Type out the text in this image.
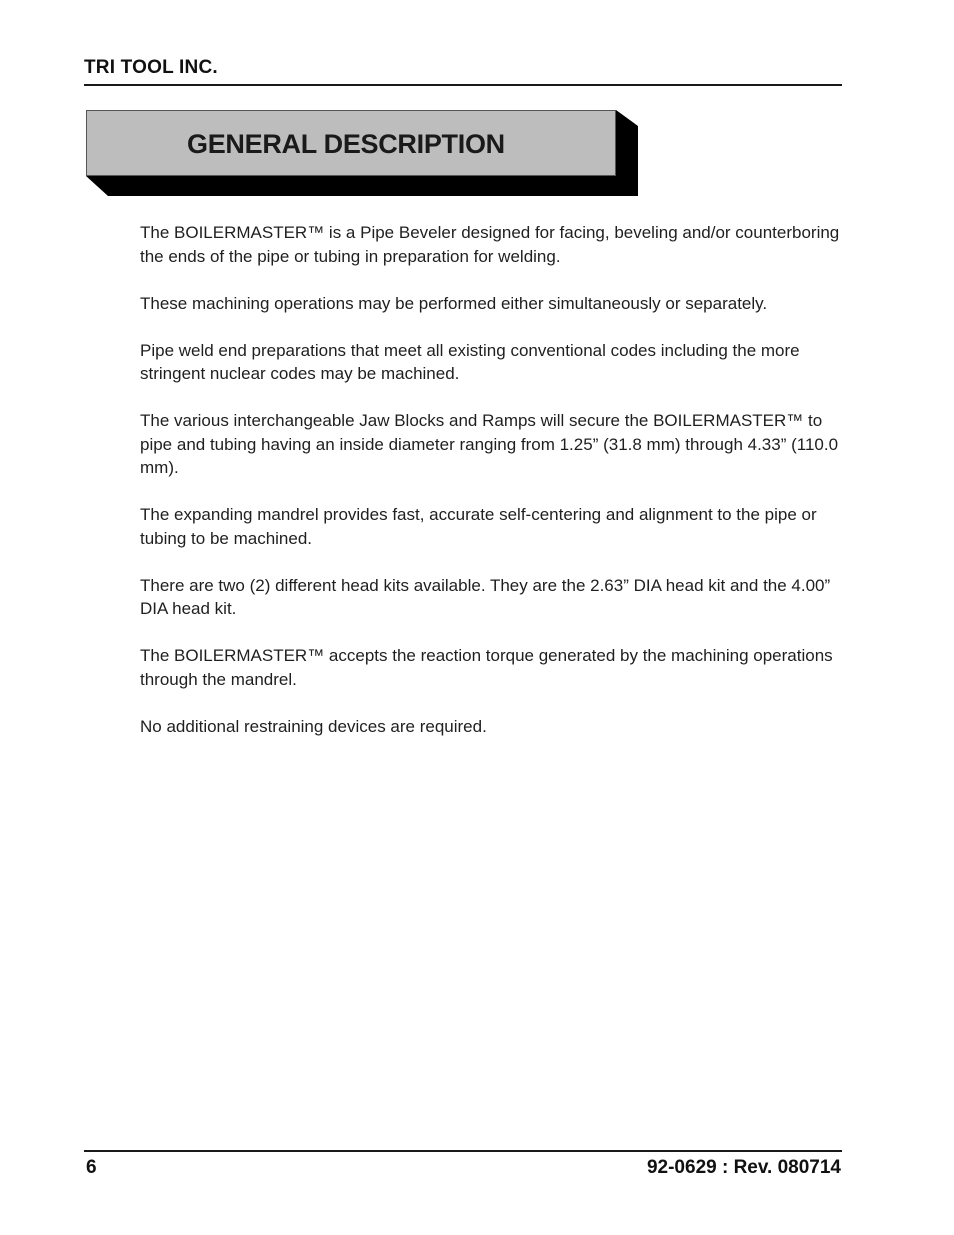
TRI TOOL INC.
GENERAL DESCRIPTION

The BOILERMASTER™ is a Pipe Beveler designed for facing, beveling and/or counterboring the ends of the pipe or tubing in preparation for welding.

These machining operations may be performed either simultaneously or separately.

Pipe weld end preparations that meet all existing conventional codes including the more stringent nuclear codes may be machined.

The various interchangeable Jaw Blocks and Ramps will secure the BOILERMASTER™ to pipe and tubing having an inside diameter ranging from 1.25” (31.8 mm) through 4.33” (110.0 mm).

The expanding mandrel provides fast, accurate self-centering and alignment to the pipe or tubing to be machined.

There are two (2) different head kits available. They are the 2.63” DIA head kit and the 4.00” DIA head kit.

The BOILERMASTER™ accepts the reaction torque generated by the machining operations through the mandrel.

No additional restraining devices are required.

6	92-0629 : Rev. 080714
